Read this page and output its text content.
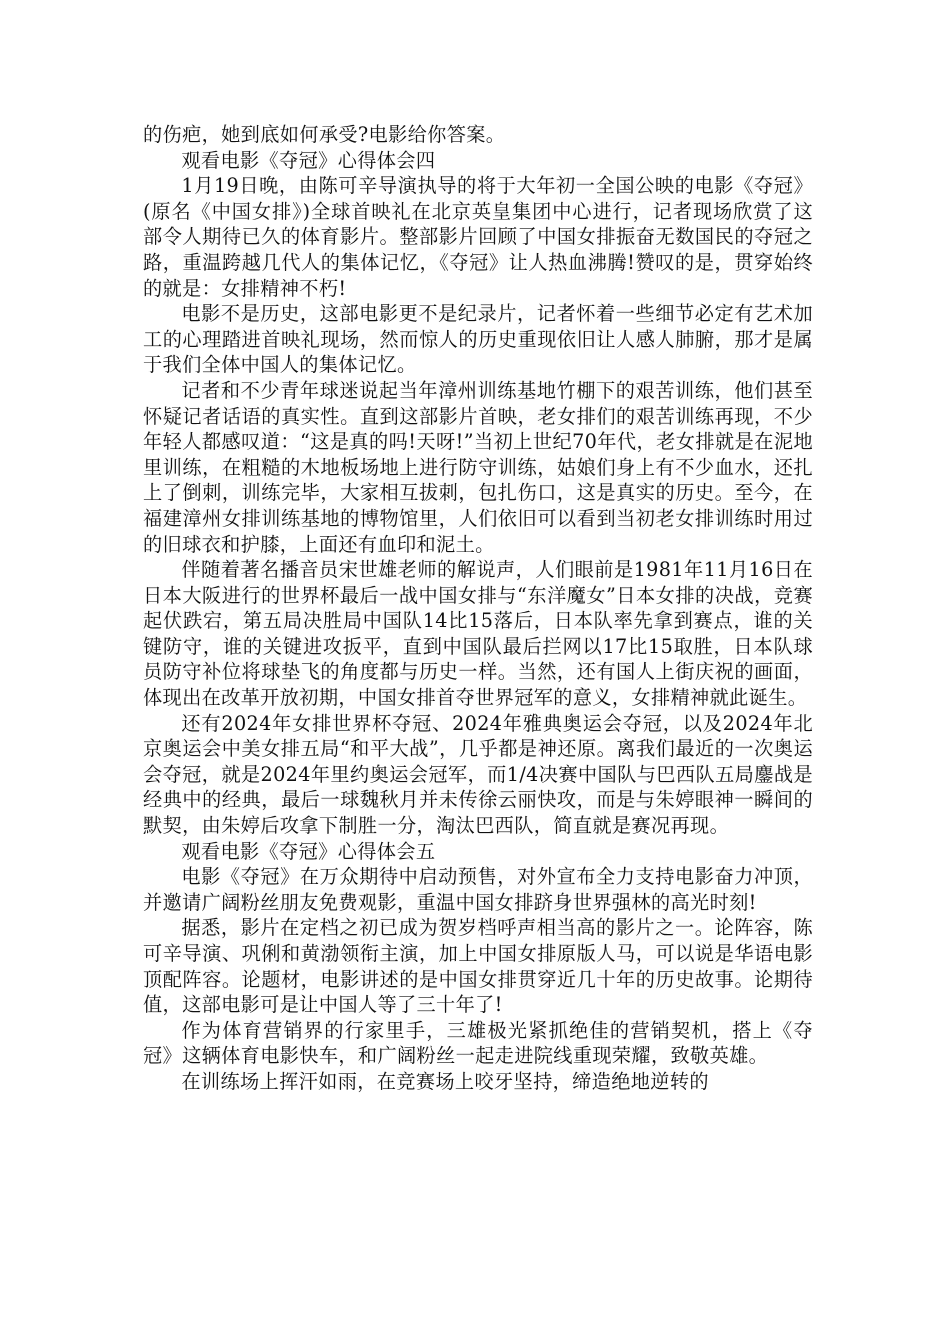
的伤疤，她到底如何承受?电影给你答案。

观看电影《夺冠》心得体会四

1月19日晚，由陈可辛导演执导的将于大年初一全国公映的电影《夺冠》(原名《中国女排》)全球首映礼在北京英皇集团中心进行，记者现场欣赏了这部令人期待已久的体育影片。整部影片回顾了中国女排振奋无数国民的夺冠之路，重温跨越几代人的集体记忆，《夺冠》让人热血沸腾!赞叹的是，贯穿始终的就是：女排精神不朽!

电影不是历史，这部电影更不是纪录片，记者怀着一些细节必定有艺术加工的心理踏进首映礼现场，然而惊人的历史重现依旧让人感人肺腑，那才是属于我们全体中国人的集体记忆。

记者和不少青年球迷说起当年漳州训练基地竹棚下的艰苦训练，他们甚至怀疑记者话语的真实性。直到这部影片首映，老女排们的艰苦训练再现，不少年轻人都感叹道：“这是真的吗!天呀!”当初上世纪70年代，老女排就是在泥地里训练，在粗糙的木地板场地上进行防守训练，姑娘们身上有不少血水，还扎上了倒刺，训练完毕，大家相互拔刺，包扎伤口，这是真实的历史。至今，在福建漳州女排训练基地的博物馆里，人们依旧可以看到当初老女排训练时用过的旧球衣和护膝，上面还有血印和泥土。

伴随着著名播音员宋世雄老师的解说声，人们眼前是1981年11月16日在日本大阪进行的世界杯最后一战中国女排与“东洋魔女”日本女排的决战，竞赛起伏跌宕，第五局决胜局中国队14比15落后，日本队率先拿到赛点，谁的关键防守，谁的关键进攻扳平，直到中国队最后拦网以17比15取胜，日本队球员防守补位将球垫飞的角度都与历史一样。当然，还有国人上街庆祝的画面，体现出在改革开放初期，中国女排首夺世界冠军的意义，女排精神就此诞生。

还有2024年女排世界杯夺冠、2024年雅典奥运会夺冠，以及2024年北京奥运会中美女排五局“和平大战”，几乎都是神还原。离我们最近的一次奥运会夺冠，就是2024年里约奥运会冠军，而1/4决赛中国队与巴西队五局鏖战是经典中的经典，最后一球魏秋月并未传徐云丽快攻，而是与朱婷眼神一瞬间的默契，由朱婷后攻拿下制胜一分，淘汰巴西队，简直就是赛况再现。

观看电影《夺冠》心得体会五

电影《夺冠》在万众期待中启动预售，对外宣布全力支持电影奋力冲顶，并邀请广阔粉丝朋友免费观影，重温中国女排跻身世界强林的高光时刻!

据悉，影片在定档之初已成为贺岁档呼声相当高的影片之一。论阵容，陈可辛导演、巩俐和黄渤领衔主演，加上中国女排原版人马，可以说是华语电影顶配阵容。论题材，电影讲述的是中国女排贯穿近几十年的历史故事。论期待值，这部电影可是让中国人等了三十年了!

作为体育营销界的行家里手，三雄极光紧抓绝佳的营销契机，搭上《夺冠》这辆体育电影快车，和广阔粉丝一起走进院线重现荣耀，致敬英雄。

在训练场上挥汗如雨，在竞赛场上咬牙坚持，缔造绝地逆转的
